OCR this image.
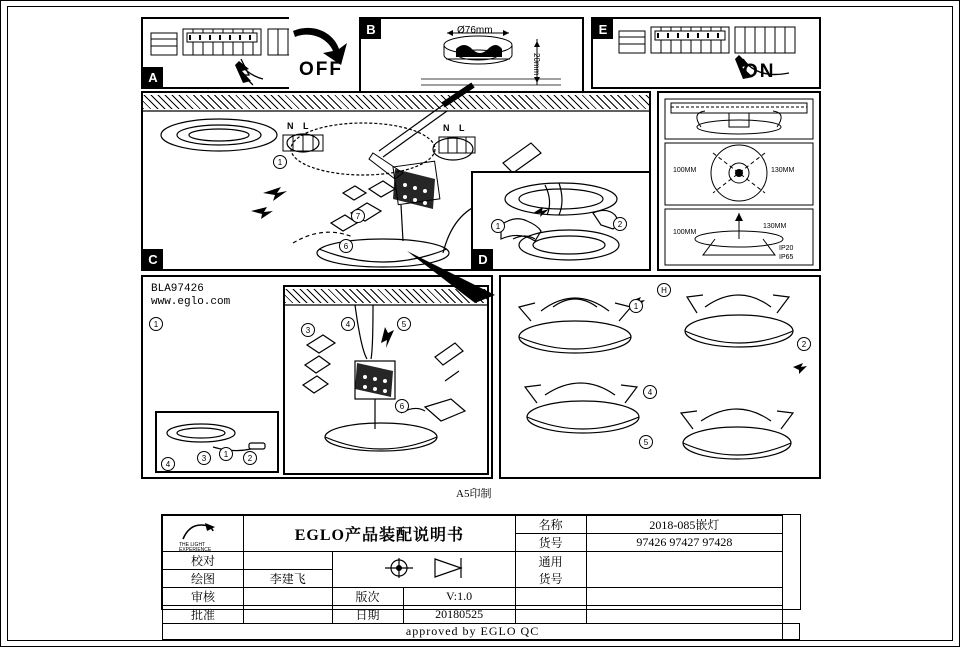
A	OFF
B	Ø76mm
20mm
E
ON
C
N L	N L
1
6
7
D
1	2
100MM	130MM
100MM
130MM
IP20
IP65
BLA97426
www.eglo.com
3
4	5
6
1
1	2
3
4
H
1
2
4
5
A5印制
THE LIGHT
EXPERIENCE	EGLO产品装配说明书			名称	2018-085嵌灯	
				货号	97426 97427 97428	
校对				通用
货号		
绘图	李建飞					
审核		版次	V:1.0			
批准		日期	20180525			
approved by EGLO QC						
